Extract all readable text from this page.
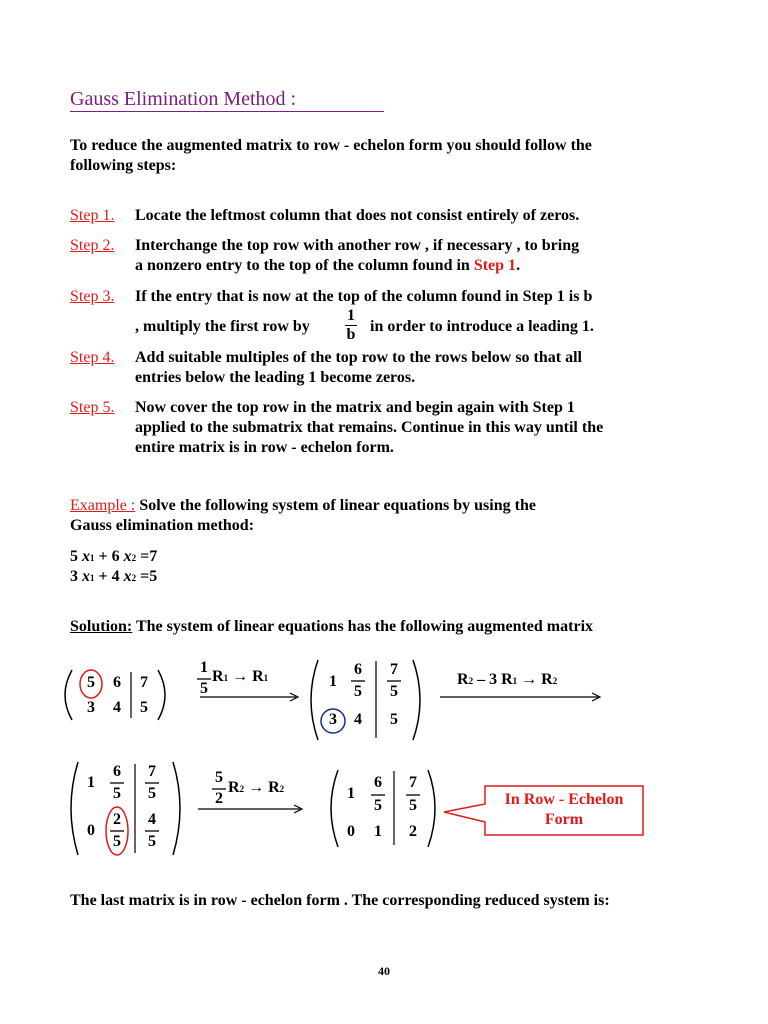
Gauss Elimination Method :
To reduce the augmented matrix to row - echelon form you should follow the
following steps:
Step 1. Locate the leftmost column that does not consist entirely of zeros.
Step 2. Interchange the top row with another row , if necessary , to bring
a nonzero entry to the top of the column found in Step 1.
Step 3. If the entry that is now at the top of the column found in Step 1 is b
, multiply the first row by
1
b in order to introduce a leading 1.
Step 4. Add suitable multiples of the top row to the rows below so that all
entries below the leading 1 become zeros.
Step 5. Now cover the top row in the matrix and begin again with Step 1
applied to the submatrix that remains. Continue in this way until the
entire matrix is in row - echelon form.
Example : Solve the following system of linear equations by using the
Gauss elimination method:
5 x1 + 6 x2 =7
3 x1 + 4 x2 =5
Solution: The system of linear equations has the following augmented matrix
5 6 7
3 4 5
1
5
R1 → R1	1
6
5
7
5
3 4 5
R2 – 3 R1 → R2
1
6
5
7
5
0
2
5
4
5
5
2
R2 → R2	1
6
5
7
5
0 1 2
In Row - Echelon
Form
The last matrix is in row - echelon form . The corresponding reduced system is:
40
